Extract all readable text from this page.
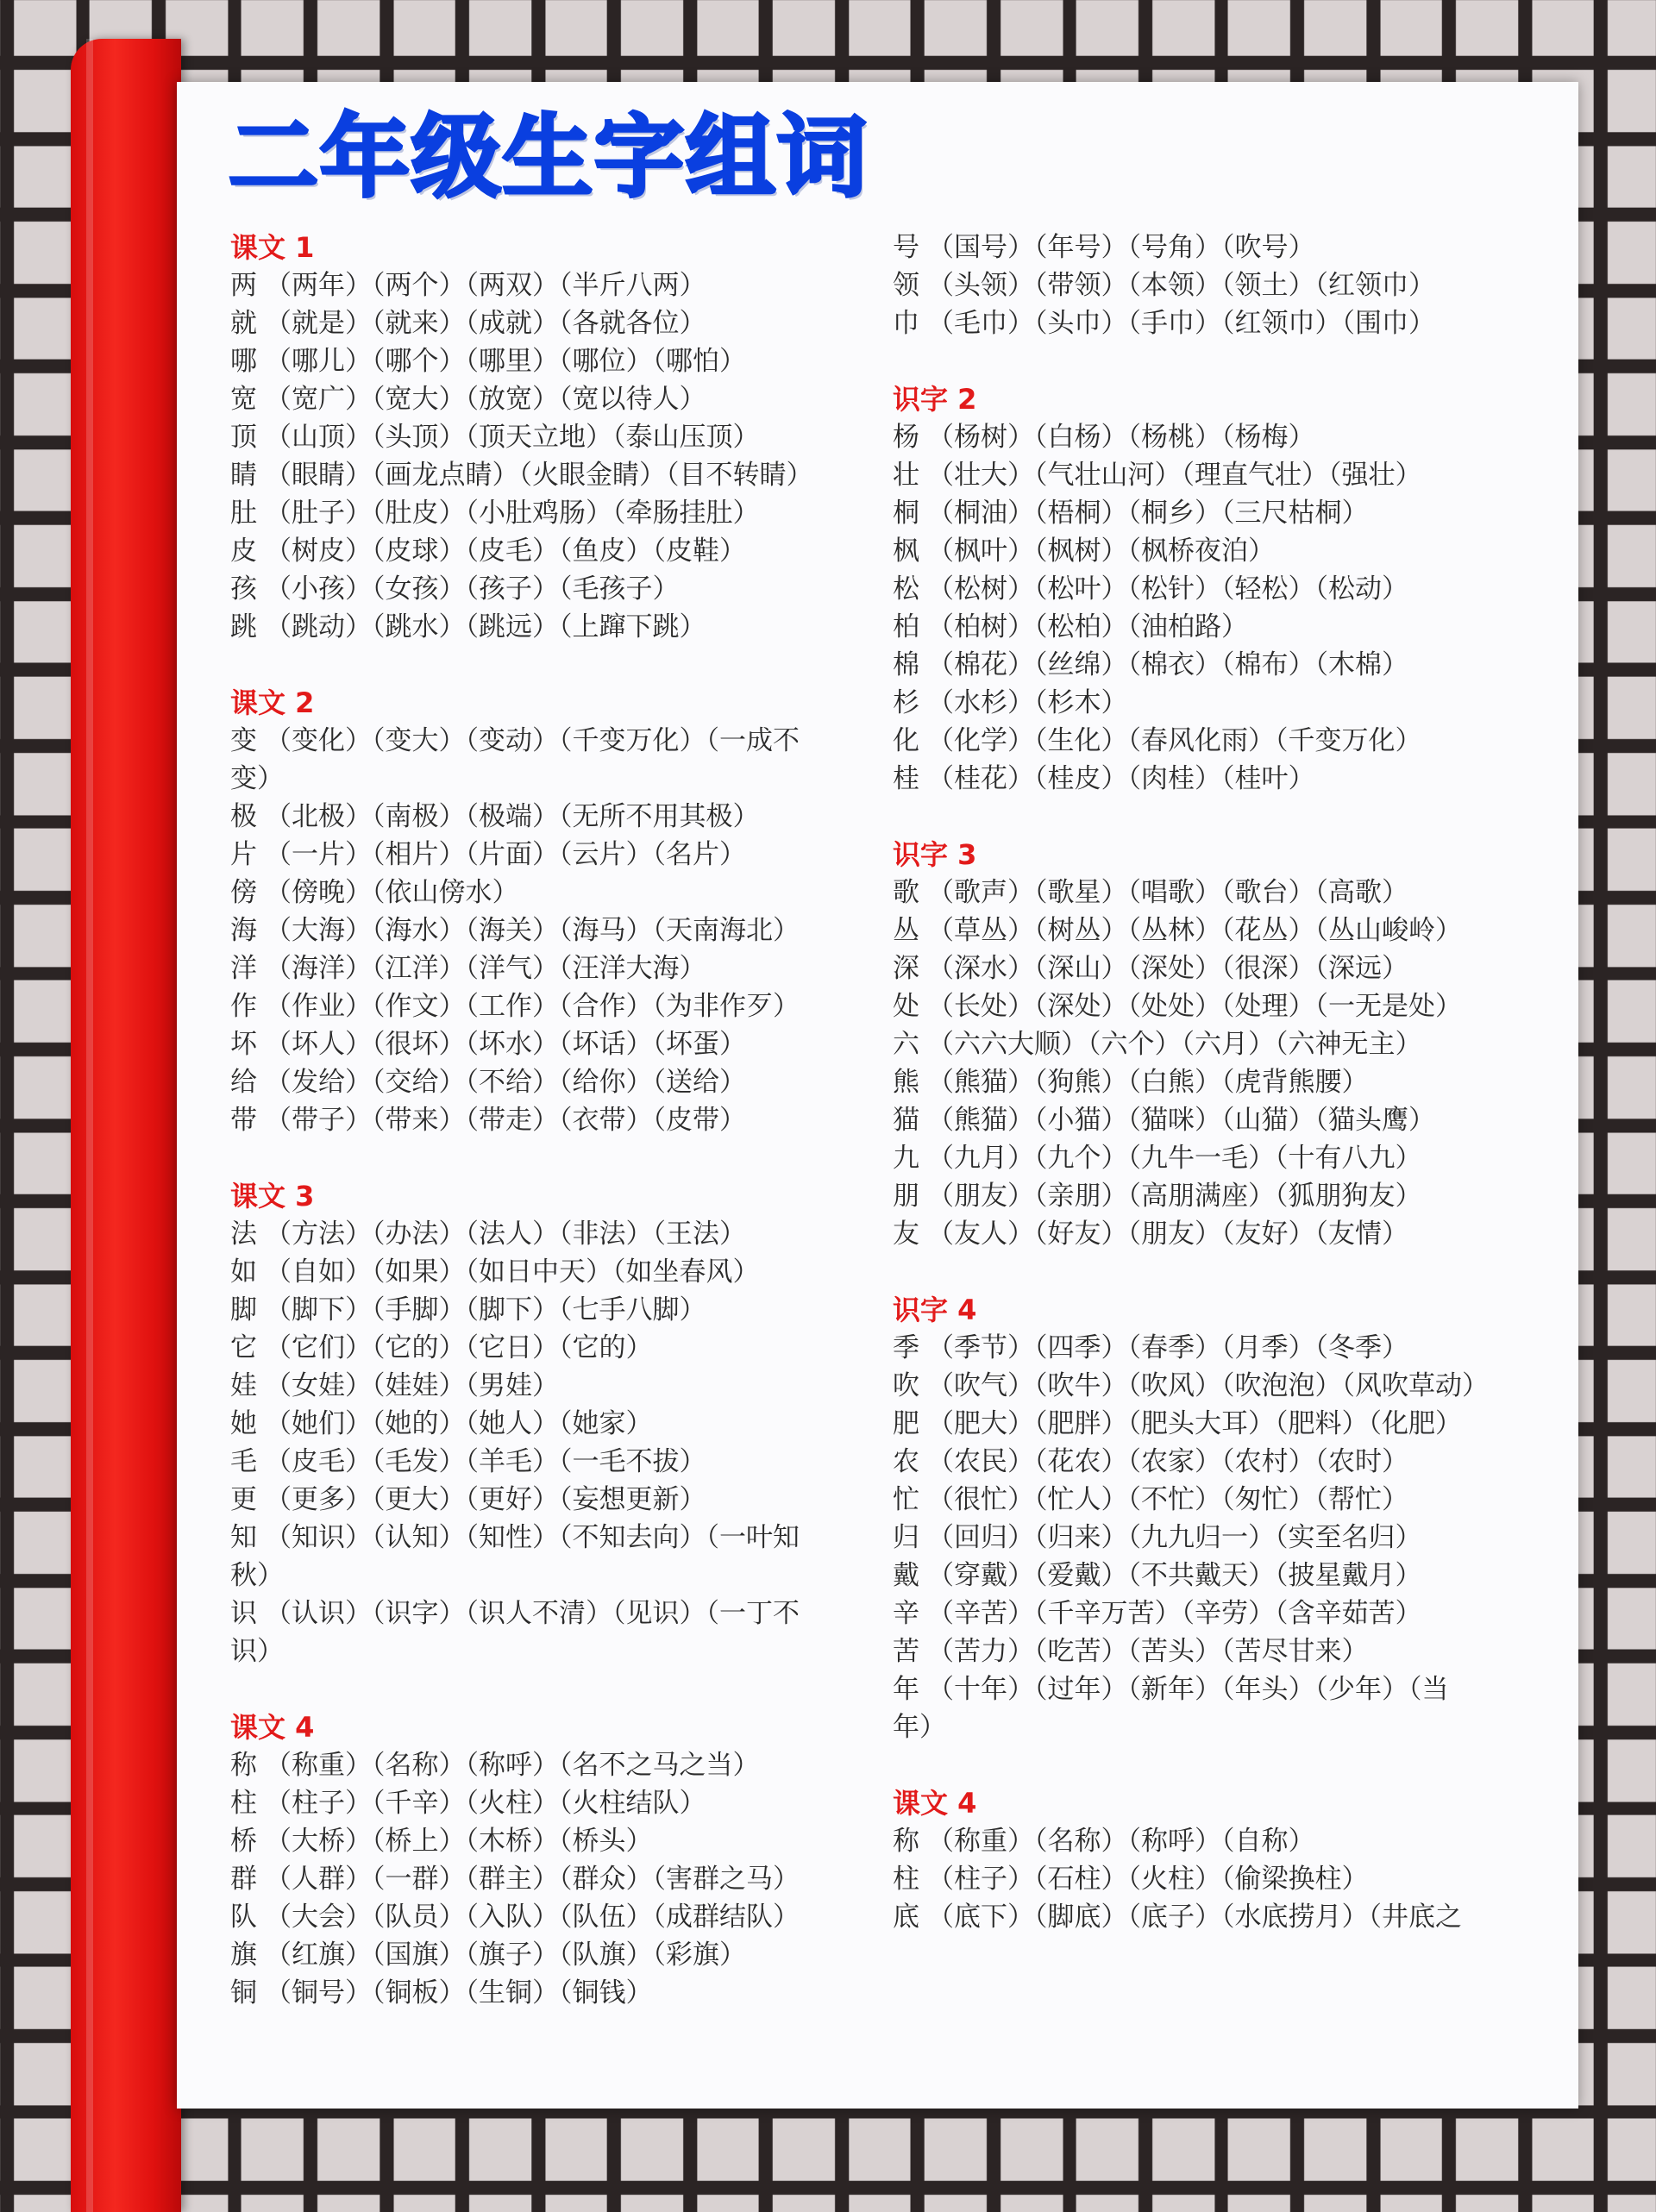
二年级生字组词
课文 1
两 （两年）（两个）（两双）（半斤八两）
就 （就是）（就来）（成就）（各就各位）
哪 （哪儿）（哪个）（哪里）（哪位）（哪怕）
宽 （宽广）（宽大）（放宽）（宽以待人）
顶 （山顶）（头顶）（顶天立地）（泰山压顶）
睛 （眼睛）（画龙点睛）（火眼金睛）（目不转睛）
肚 （肚子）（肚皮）（小肚鸡肠）（牵肠挂肚）
皮 （树皮）（皮球）（皮毛）（鱼皮）（皮鞋）
孩 （小孩）（女孩）（孩子）（毛孩子）
跳 （跳动）（跳水）（跳远）（上蹿下跳）
课文 2
变 （变化）（变大）（变动）（千变万化）（一成不
变）
极 （北极）（南极）（极端）（无所不用其极）
片 （一片）（相片）（片面）（云片）（名片）
傍 （傍晚）（依山傍水）
海 （大海）（海水）（海关）（海马）（天南海北）
洋 （海洋）（江洋）（洋气）（汪洋大海）
作 （作业）（作文）（工作）（合作）（为非作歹）
坏 （坏人）（很坏）（坏水）（坏话）（坏蛋）
给 （发给）（交给）（不给）（给你）（送给）
带 （带子）（带来）（带走）（衣带）（皮带）
课文 3
法 （方法）（办法）（法人）（非法）（王法）
如 （自如）（如果）（如日中天）（如坐春风）
脚 （脚下）（手脚）（脚下）（七手八脚）
它 （它们）（它的）（它日）（它的）
娃 （女娃）（娃娃）（男娃）
她 （她们）（她的）（她人）（她家）
毛 （皮毛）（毛发）（羊毛）（一毛不拔）
更 （更多）（更大）（更好）（妄想更新）
知 （知识）（认知）（知性）（不知去向）（一叶知
秋）
识 （认识）（识字）（识人不清）（见识）（一丁不
识）
课文 4
称 （称重）（名称）（称呼）（名不之马之当）
柱 （柱子）（千辛）（火柱）（火柱结队）
桥 （大桥）（桥上）（木桥）（桥头）
群 （人群）（一群）（群主）（群众）（害群之马）
队 （大会）（队员）（入队）（队伍）（成群结队）
旗 （红旗）（国旗）（旗子）（队旗）（彩旗）
铜 （铜号）（铜板）（生铜）（铜钱）
号 （国号）（年号）（号角）（吹号）
领 （头领）（带领）（本领）（领土）（红领巾）
巾 （毛巾）（头巾）（手巾）（红领巾）（围巾）
识字 2
杨 （杨树）（白杨）（杨桃）（杨梅）
壮 （壮大）（气壮山河）（理直气壮）（强壮）
桐 （桐油）（梧桐）（桐乡）（三尺枯桐）
枫 （枫叶）（枫树）（枫桥夜泊）
松 （松树）（松叶）（松针）（轻松）（松动）
柏 （柏树）（松柏）（油柏路）
棉 （棉花）（丝绵）（棉衣）（棉布）（木棉）
杉 （水杉）（杉木）
化 （化学）（生化）（春风化雨）（千变万化）
桂 （桂花）（桂皮）（肉桂）（桂叶）
识字 3
歌 （歌声）（歌星）（唱歌）（歌台）（高歌）
丛 （草丛）（树丛）（丛林）（花丛）（丛山峻岭）
深 （深水）（深山）（深处）（很深）（深远）
处 （长处）（深处）（处处）（处理）（一无是处）
六 （六六大顺）（六个）（六月）（六神无主）
熊 （熊猫）（狗熊）（白熊）（虎背熊腰）
猫 （熊猫）（小猫）（猫咪）（山猫）（猫头鹰）
九 （九月）（九个）（九牛一毛）（十有八九）
朋 （朋友）（亲朋）（高朋满座）（狐朋狗友）
友 （友人）（好友）（朋友）（友好）（友情）
识字 4
季 （季节）（四季）（春季）（月季）（冬季）
吹 （吹气）（吹牛）（吹风）（吹泡泡）（风吹草动）
肥 （肥大）（肥胖）（肥头大耳）（肥料）（化肥）
农 （农民）（花农）（农家）（农村）（农时）
忙 （很忙）（忙人）（不忙）（匆忙）（帮忙）
归 （回归）（归来）（九九归一）（实至名归）
戴 （穿戴）（爱戴）（不共戴天）（披星戴月）
辛 （辛苦）（千辛万苦）（辛劳）（含辛茹苦）
苦 （苦力）（吃苦）（苦头）（苦尽甘来）
年 （十年）（过年）（新年）（年头）（少年）（当
年）
课文 4
称 （称重）（名称）（称呼）（自称）
柱 （柱子）（石柱）（火柱）（偷梁换柱）
底 （底下）（脚底）（底子）（水底捞月）（井底之
